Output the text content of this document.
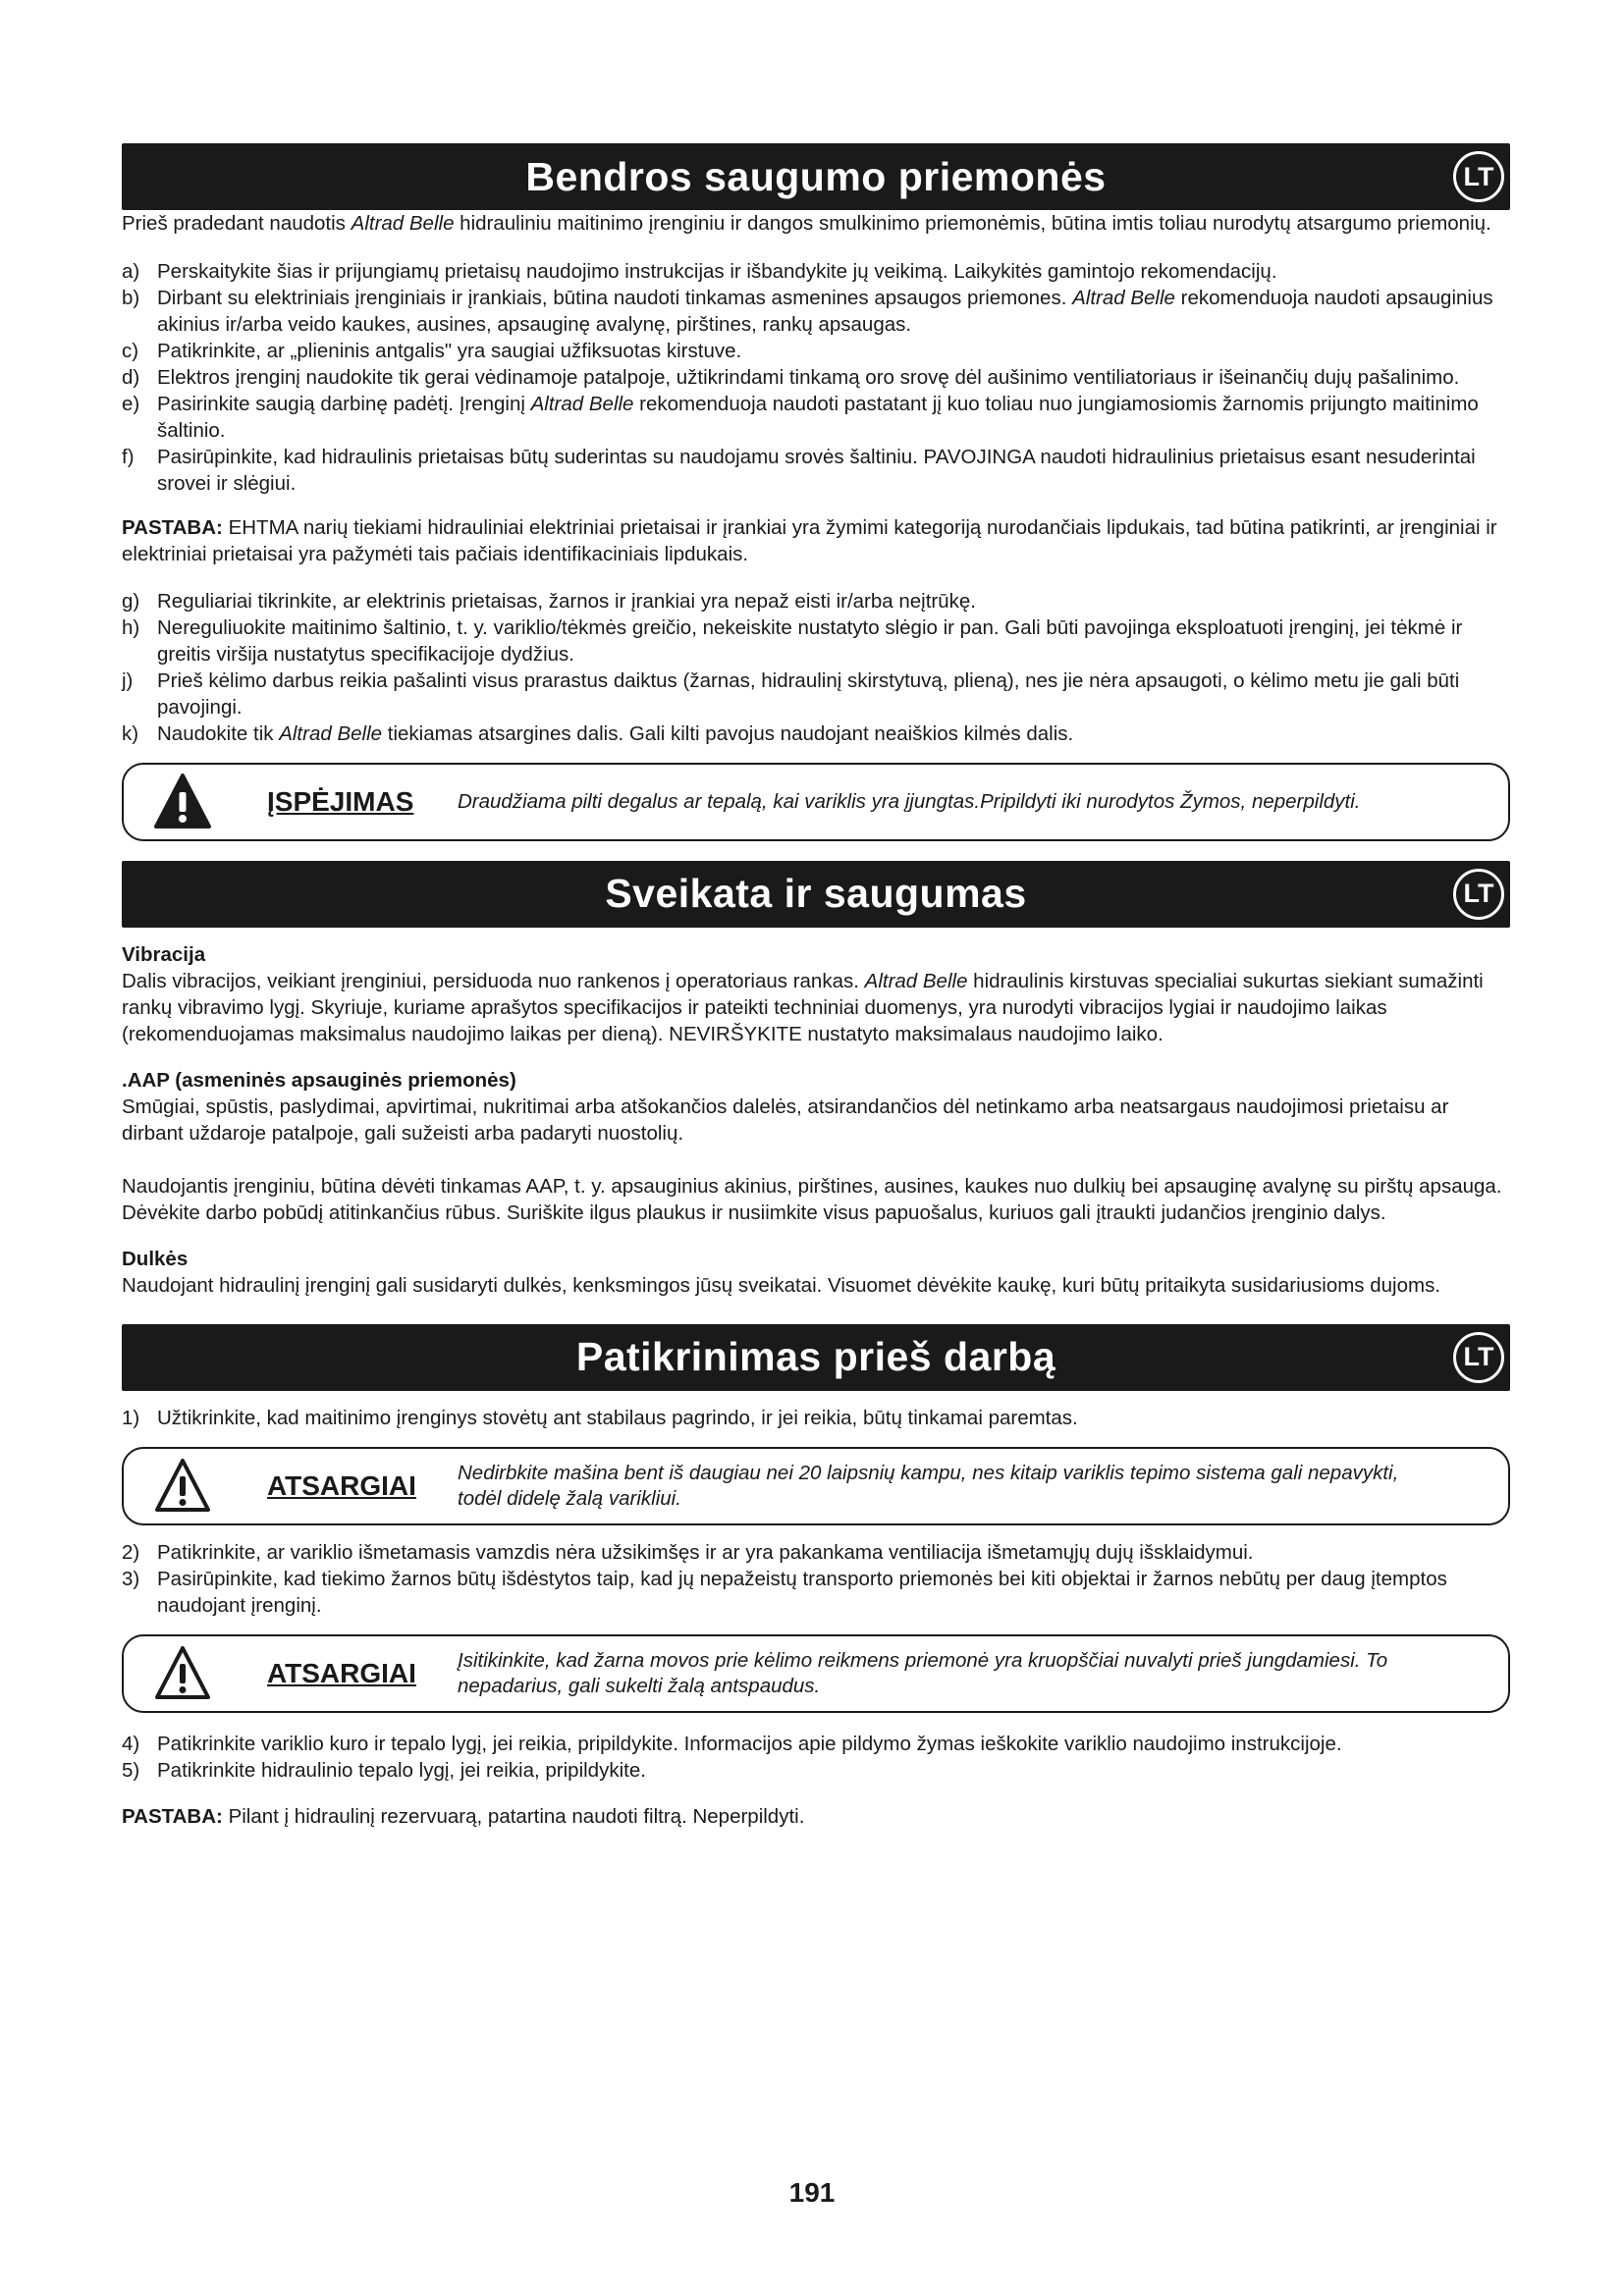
Bendros saugumo priemonės	LT

Prieš pradedant naudotis Altrad Belle hidrauliniu maitinimo įrenginiu ir dangos smulkinimo priemonėmis, būtina imtis toliau nurodytų atsargumo priemonių.

a) Perskaitykite šias ir prijungiamų prietaisų naudojimo instrukcijas ir išbandykite jų veikimą. Laikykitės gamintojo rekomendacijų.
b) Dirbant su elektriniais įrenginiais ir įrankiais, būtina naudoti tinkamas asmenines apsaugos priemones. Altrad Belle rekomenduoja naudoti apsauginius akinius ir/arba veido kaukes, ausines, apsauginę avalynę, pirštines, rankų apsaugas.
c) Patikrinkite, ar „plieninis antgalis" yra saugiai užfiksuotas kirstuve.
d) Elektros įrenginį naudokite tik gerai vėdinamoje patalpoje, užtikrindami tinkamą oro srovę dėl aušinimo ventiliatoriaus ir išeinančių dujų pašalinimo.
e) Pasirinkite saugią darbinę padėtį. Įrenginį Altrad Belle rekomenduoja naudoti pastatant jį kuo toliau nuo jungiamosiomis žarnomis prijungto maitinimo šaltinio.
f)	Pasirūpinkite, kad hidraulinis prietaisas būtų suderintas su naudojamu srovės šaltiniu. PAVOJINGA naudoti hidraulinius prietaisus esant nesuderintai srovei ir slėgiui.

PASTABA: EHTMA narių tiekiami hidrauliniai elektriniai prietaisai ir įrankiai yra žymimi kategoriją nurodančiais lipdukais, tad būtina patikrinti, ar įrenginiai ir elektriniai prietaisai yra pažymėti tais pačiais identifikaciniais lipdukais.

g) Reguliariai tikrinkite, ar elektrinis prietaisas, žarnos ir įrankiai yra nepaž eisti ir/arba neįtrūkę.
h) Nereguliuokite maitinimo šaltinio, t. y. variklio/tėkmės greičio, nekeiskite nustatyto slėgio ir pan. Gali būti pavojinga eksploatuoti įrenginį, jei tėkmė ir greitis viršija nustatytus specifikacijoje dydžius.
j)	Prieš kėlimo darbus reikia pašalinti visus prarastus daiktus (žarnas, hidraulinį skirstytuvą, plieną), nes jie nėra apsaugoti, o kėlimo metu jie gali būti pavojingi.
k) Naudokite tik Altrad Belle tiekiamas atsargines dalis. Gali kilti pavojus naudojant neaiškios kilmės dalis.
ĮSPĖJIMAS	Draudžiama pilti degalus ar tepalą, kai variklis yra įjungtas.Pripildyti iki nurodytos Žymos, neperpildyti.
Sveikata ir saugumas	LT
Vibracija

Dalis vibracijos, veikiant įrenginiui, persiduoda nuo rankenos į operatoriaus rankas. Altrad Belle hidraulinis kirstuvas specialiai sukurtas siekiant sumažinti rankų vibravimo lygį. Skyriuje, kuriame aprašytos specifikacijos ir pateikti techniniai duomenys, yra nurodyti vibracijos lygiai ir naudojimo laikas (rekomenduojamas maksimalus naudojimo laikas per dieną). NEVIRŠYKITE nustatyto maksimalaus naudojimo laiko.

.AAP (asmeninės apsauginės priemonės)

Smūgiai, spūstis, paslydimai, apvirtimai, nukritimai arba atšokančios dalelės, atsirandančios dėl netinkamo arba neatsargaus naudojimosi prietaisu ar dirbant uždaroje patalpoje, gali sužeisti arba padaryti nuostolių.

Naudojantis įrenginiu, būtina dėvėti tinkamas AAP, t. y. apsauginius akinius, pirštines, ausines, kaukes nuo dulkių bei apsauginę avalynę su pirštų apsauga. Dėvėkite darbo pobūdį atitinkančius rūbus. Suriškite ilgus plaukus ir nusiimkite visus papuošalus, kuriuos gali įtraukti judančios įrenginio dalys.

Dulkės

Naudojant hidraulinį įrenginį gali susidaryti dulkės, kenksmingos jūsų sveikatai. Visuomet dėvėkite kaukę, kuri būtų pritaikyta susidariusioms dujoms.

Patikrinimas prieš darbą	LT
1) Užtikrinkite, kad maitinimo įrenginys stovėtų ant stabilaus pagrindo, ir jei reikia, būtų tinkamai paremtas.
ATSARGIAI	Nedirbkite mašina bent iš daugiau nei 20 laipsnių kampu, nes kitaip variklis tepimo sistema gali nepavykti, todėl didelę žalą varikliui.
2) Patikrinkite, ar variklio išmetamasis vamzdis nėra užsikimšęs ir ar yra pakankama ventiliacija išmetamųjų dujų išsklaidymui.
3) Pasirūpinkite, kad tiekimo žarnos būtų išdėstytos taip, kad jų nepažeistų transporto priemonės bei kiti objektai ir žarnos nebūtų per daug įtemptos naudojant įrenginį.
ATSARGIAI	Įsitikinkite, kad žarna movos prie kėlimo reikmens priemonė yra kruopščiai nuvalyti prieš jungdamiesi. To nepadarius, gali sukelti žalą antspaudus.
4) Patikrinkite variklio kuro ir tepalo lygį, jei reikia, pripildykite. Informacijos apie pildymo žymas ieškokite variklio naudojimo instrukcijoje.
5) Patikrinkite hidraulinio tepalo lygį, jei reikia, pripildykite.

PASTABA: Pilant į hidraulinį rezervuarą, patartina naudoti filtrą. Neperpildyti.

191
